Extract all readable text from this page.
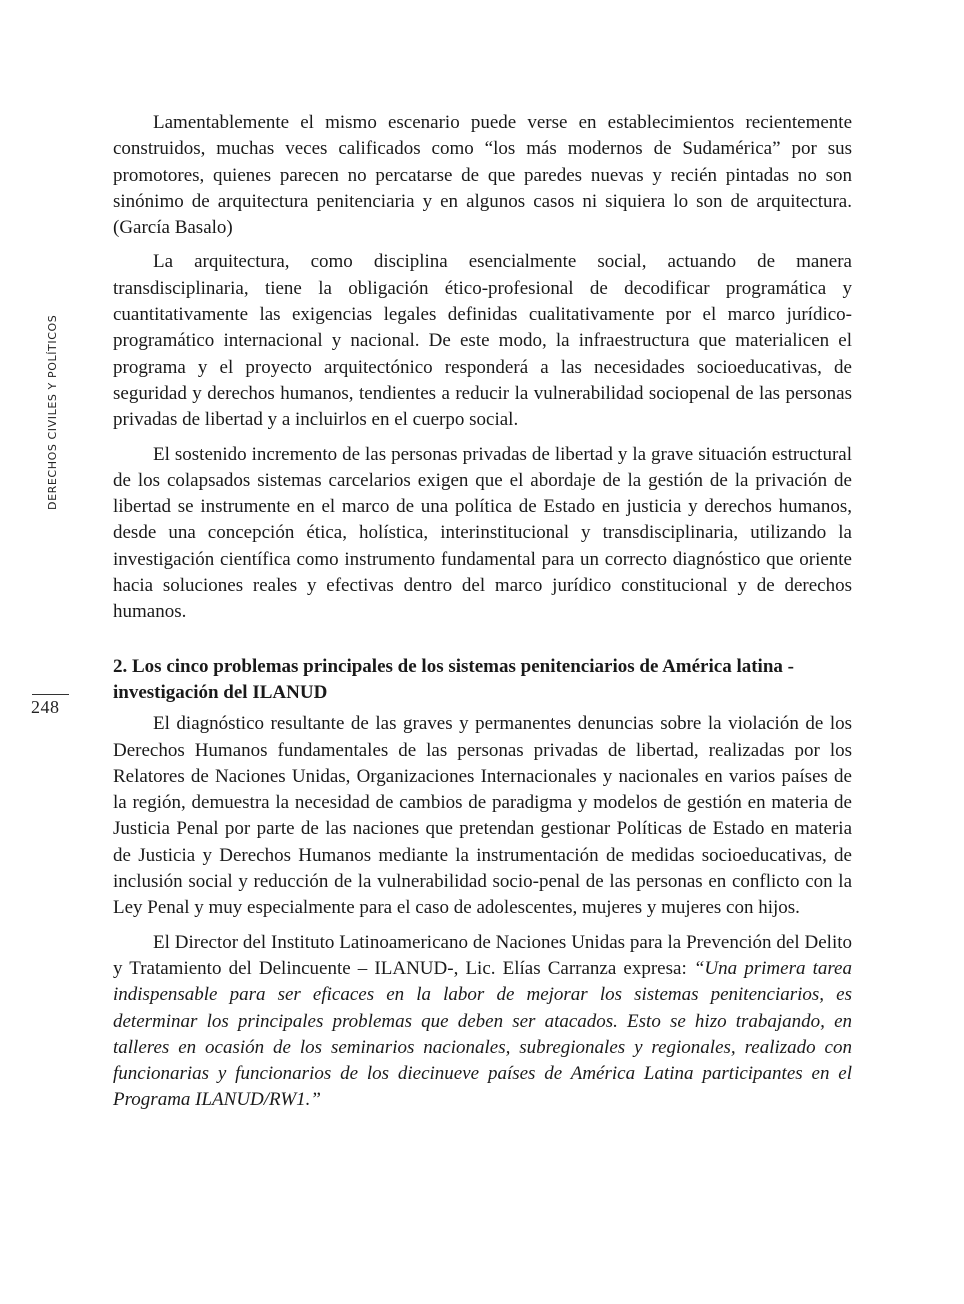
DERECHOS CIVILES Y POLÍTICOS
248

Lamentablemente el mismo escenario puede verse en establecimientos recientemente construidos, muchas veces calificados como “los más modernos de Sudamérica” por sus promotores, quienes parecen no percatarse de que paredes nuevas y recién pintadas no son sinónimo de arquitectura penitenciaria y en algunos casos ni siquiera lo son de arquitectura. (García Basalo)

La arquitectura, como disciplina esencialmente social, actuando de manera transdisciplinaria, tiene la obligación ético-profesional de decodificar programática y cuantitativamente las exigencias legales definidas cualitativamente por el marco jurídico-programático internacional y nacional. De este modo, la infraestructura que materialicen el programa y el proyecto arquitectónico responderá a las necesidades socioeducativas, de seguridad y derechos humanos, tendientes a reducir la vulnerabilidad sociopenal de las personas privadas de libertad y a incluirlos en el cuerpo social.

El sostenido incremento de las personas privadas de libertad y la grave situación estructural de los colapsados sistemas carcelarios exigen que el abordaje de la gestión de la privación de libertad se instrumente en el marco de una política de Estado en justicia y derechos humanos, desde una concepción ética, holística, interinstitucional y transdisciplinaria, utilizando la investigación científica como instrumento fundamental para un correcto diagnóstico que oriente hacia soluciones reales y efectivas dentro del marco jurídico constitucional y de derechos humanos.

2. Los cinco problemas principales de los sistemas penitenciarios de América latina - investigación del ILANUD

El diagnóstico resultante de las graves y permanentes denuncias sobre la violación de los Derechos Humanos fundamentales de las personas privadas de libertad, realizadas por los Relatores de Naciones Unidas, Organizaciones Internacionales y nacionales en varios países de la región, demuestra la necesidad de cambios de paradigma y modelos de gestión en materia de Justicia Penal por parte de las naciones que pretendan gestionar Políticas de Estado en materia de Justicia y Derechos Humanos mediante la instrumentación de medidas socioeducativas, de inclusión social y reducción de la vulnerabilidad socio-penal de las personas en conflicto con la Ley Penal y muy especialmente para el caso de adolescentes, mujeres y mujeres con hijos.

El Director del Instituto Latinoamericano de Naciones Unidas para la Prevención del Delito y Tratamiento del Delincuente – ILANUD-, Lic. Elías Carranza expresa: “Una primera tarea indispensable para ser eficaces en la labor de mejorar los sistemas penitenciarios, es determinar los principales problemas que deben ser atacados. Esto se hizo trabajando, en talleres en ocasión de los seminarios nacionales, subregionales y regionales, realizado con funcionarias y funcionarios de los diecinueve países de América Latina participantes en el Programa ILANUD/RW1.”
